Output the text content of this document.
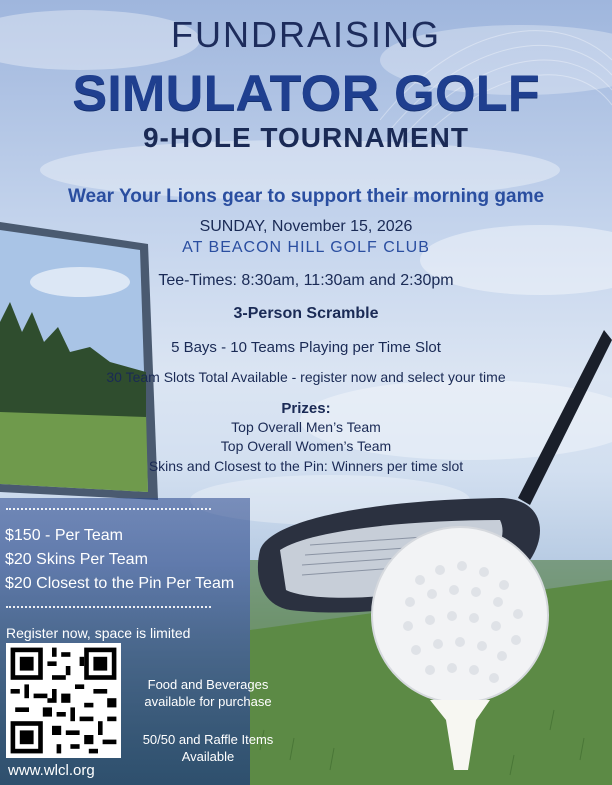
FUNDRAISING
SIMULATOR GOLF
9-HOLE TOURNAMENT
Wear Your Lions gear to support their morning game
SUNDAY, November 15, 2026
AT BEACON HILL GOLF CLUB
Tee-Times: 8:30am, 11:30am and 2:30pm
3-Person Scramble
5 Bays - 10 Teams Playing per Time Slot
30 Team Slots Total Available - register now and select your time
Prizes:
Top Overall Men’s Team
Top Overall Women’s Team
Skins and Closest to the Pin: Winners per time slot
$150 - Per Team
$20 Skins Per Team
$20 Closest to the Pin Per Team
Register now, space is limited
www.wlcl.org
Food and Beverages
available for purchase
50/50 and Raffle Items
Available
